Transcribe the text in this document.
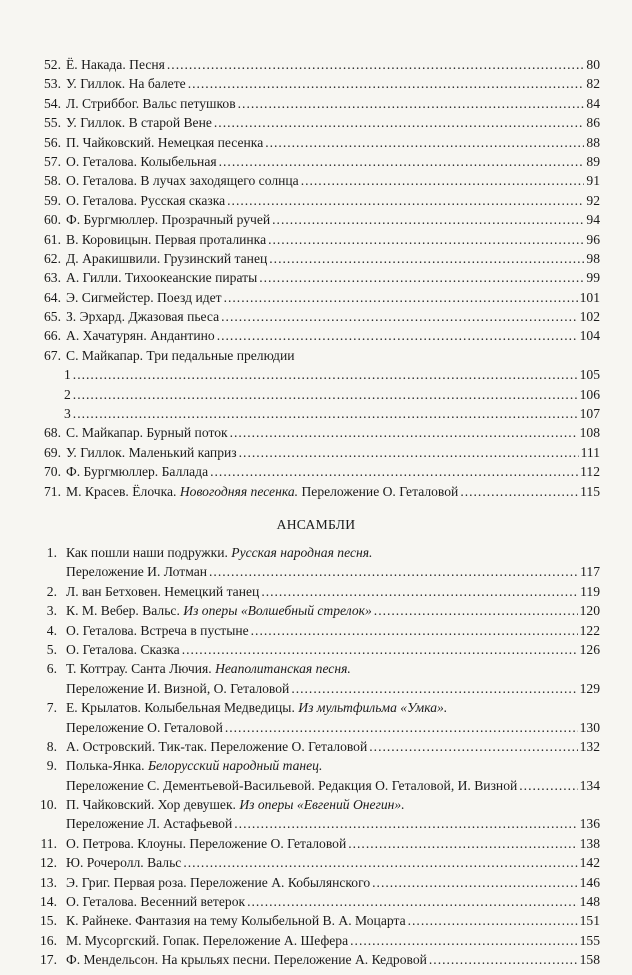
52. Ё. Накада. Песня .....	80
53. У. Гиллок. На балете .....	82
54. Л. Стриббог. Вальс петушков .....	84
55. У. Гиллок. В старой Вене .....	86
56. П. Чайковский. Немецкая песенка .....	88
57. О. Геталова. Колыбельная .....	89
58. О. Геталова. В лучах заходящего солнца .....	91
59. О. Геталова. Русская сказка .....	92
60. Ф. Бургмюллер. Прозрачный ручей .....	94
61. В. Коровицын. Первая проталинка .....	96
62. Д. Аракишвили. Грузинский танец .....	98
63. А. Гилли. Тихоокеанские пираты .....	99
64. Э. Сигмейстер. Поезд идет .....	101
65. З. Эрхард. Джазовая пьеса .....	102
66. А. Хачатурян. Андантино .....	104
67. С. Майкапар. Три педальные прелюдии
1 .....	105
2 .....	106
3 .....	107
68. С. Майкапар. Бурный поток .....	108
69. У. Гиллок. Маленький каприз .....	111
70. Ф. Бургмюллер. Баллада .....	112
71. М. Красев. Ёлочка. Новогодняя песенка. Переложение О. Геталовой .....	115
АНСАМБЛИ
1. Как пошли наши подружки. Русская народная песня.
Переложение И. Лотман .....	117
2. Л. ван Бетховен. Немецкий танец .....	119
3. К. М. Вебер. Вальс. Из оперы «Волшебный стрелок» .....	120
4. О. Геталова. Встреча в пустыне .....	122
5. О. Геталова. Сказка .....	126
6. Т. Коттрау. Санта Лючия. Неаполитанская песня.
Переложение И. Визной, О. Геталовой .....	129
7. Е. Крылатов. Колыбельная Медведицы. Из мультфильма «Умка».
Переложение О. Геталовой .....	130
8. А. Островский. Тик-так. Переложение О. Геталовой .....	132
9. Полька-Янка. Белорусский народный танец.
Переложение С. Дементьевой-Васильевой. Редакция О. Геталовой, И. Визной .....	134
10. П. Чайковский. Хор девушек. Из оперы «Евгений Онегин».
Переложение Л. Астафьевой .....	136
11. О. Петрова. Клоуны. Переложение О. Геталовой .....	138
12. Ю. Рочеролл. Вальс .....	142
13. Э. Григ. Первая роза. Переложение А. Кобылянского .....	146
14. О. Геталова. Весенний ветерок .....	148
15. К. Райнеке. Фантазия на тему Колыбельной В. А. Моцарта .....	151
16. М. Мусоргский. Гопак. Переложение А. Шефера .....	155
17. Ф. Мендельсон. На крыльях песни. Переложение А. Кедровой .....	158
